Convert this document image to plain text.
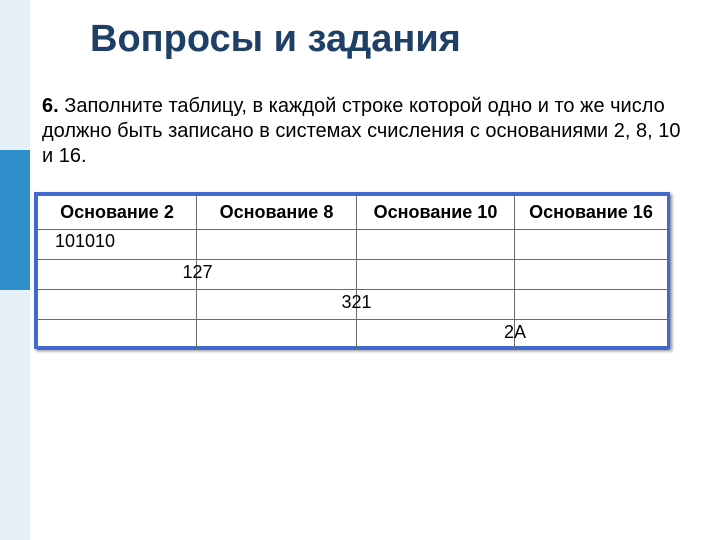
Вопросы и задания

6. Заполните таблицу, в каждой строке которой одно и то же число должно быть записано в системах счисления с основаниями 2, 8, 10 и 16.

Основание 2	Основание 8	Основание 10	Основание 16
101010			
	127		
		321	
			2A
